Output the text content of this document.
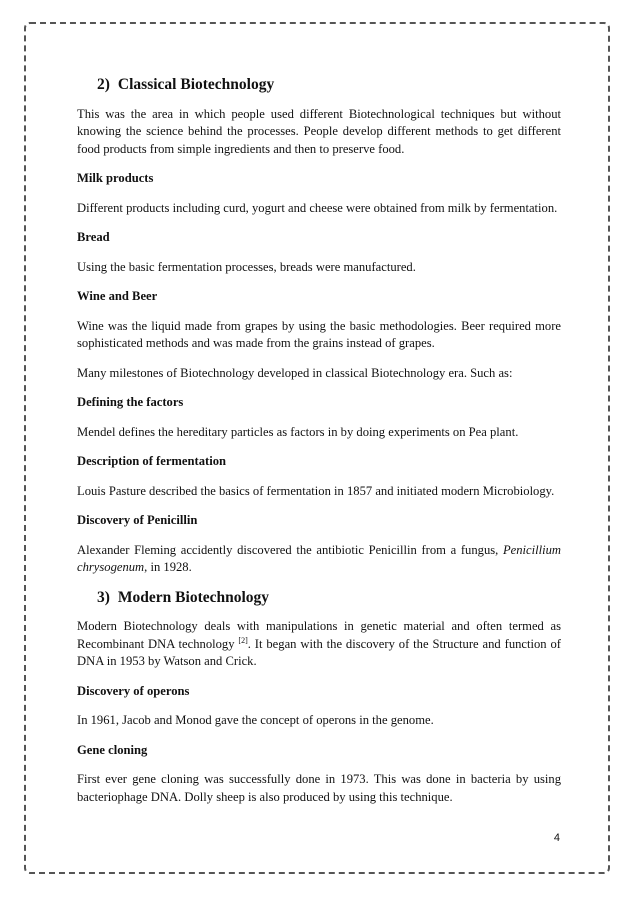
2) Classical Biotechnology

This was the area in which people used different Biotechnological techniques but without knowing the science behind the processes. People develop different methods to get different food products from simple ingredients and then to preserve food.

Milk products

Different products including curd, yogurt and cheese were obtained from milk by fermentation.

Bread

Using the basic fermentation processes, breads were manufactured.

Wine and Beer

Wine was the liquid made from grapes by using the basic methodologies. Beer required more sophisticated methods and was made from the grains instead of grapes.

Many milestones of Biotechnology developed in classical Biotechnology era. Such as:

Defining the factors

Mendel defines the hereditary particles as factors in by doing experiments on Pea plant.

Description of fermentation

Louis Pasture described the basics of fermentation in 1857 and initiated modern Microbiology.

Discovery of Penicillin

Alexander Fleming accidently discovered the antibiotic Penicillin from a fungus, Penicillium chrysogenum, in 1928.

3) Modern Biotechnology

Modern Biotechnology deals with manipulations in genetic material and often termed as Recombinant DNA technology [2]. It began with the discovery of the Structure and function of DNA in 1953 by Watson and Crick.

Discovery of operons

In 1961, Jacob and Monod gave the concept of operons in the genome.

Gene cloning

First ever gene cloning was successfully done in 1973. This was done in bacteria by using bacteriophage DNA. Dolly sheep is also produced by using this technique.

4
